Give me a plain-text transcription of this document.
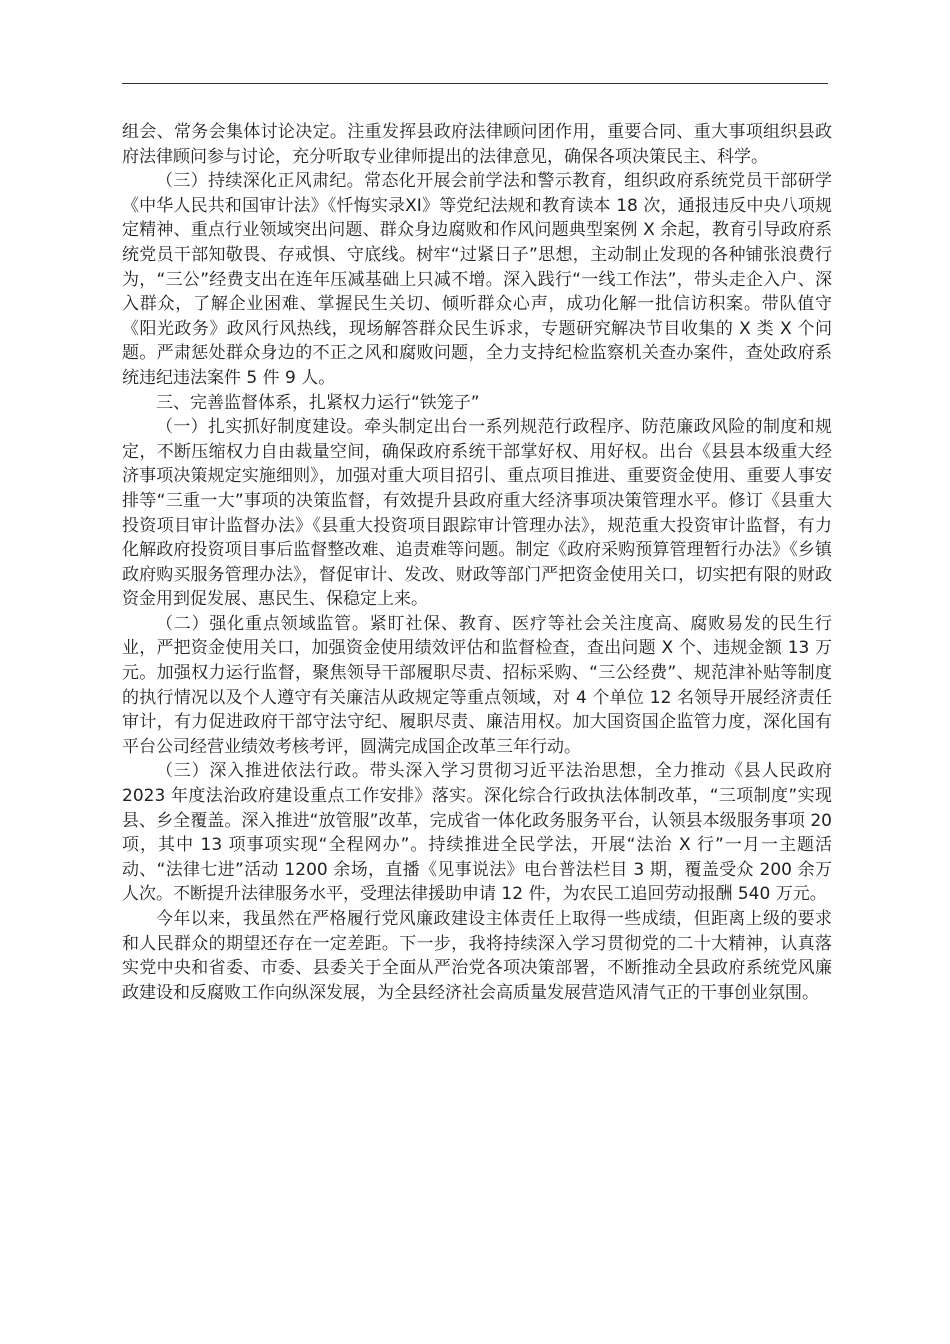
组会、常务会集体讨论决定。注重发挥县政府法律顾问团作用，重要合同、重大事项组织县政府法律顾问参与讨论，充分听取专业律师提出的法律意见，确保各项决策民主、科学。

（三）持续深化正风肃纪。常态化开展会前学法和警示教育，组织政府系统党员干部研学《中华人民共和国审计法》《忏悔实录XI》等党纪法规和教育读本 18 次，通报违反中央八项规定精神、重点行业领域突出问题、群众身边腐败和作风问题典型案例 X 余起，教育引导政府系统党员干部知敬畏、存戒惧、守底线。树牢“过紧日子”思想，主动制止发现的各种铺张浪费行为，“三公”经费支出在连年压减基础上只减不增。深入践行“一线工作法”，带头走企入户、深入群众，了解企业困难、掌握民生关切、倾听群众心声，成功化解一批信访积案。带队值守《阳光政务》政风行风热线，现场解答群众民生诉求，专题研究解决节目收集的 X 类 X 个问题。严肃惩处群众身边的不正之风和腐败问题，全力支持纪检监察机关查办案件，查处政府系统违纪违法案件 5 件 9 人。

三、完善监督体系，扎紧权力运行“铁笼子”

（一）扎实抓好制度建设。牵头制定出台一系列规范行政程序、防范廉政风险的制度和规定，不断压缩权力自由裁量空间，确保政府系统干部掌好权、用好权。出台《县县本级重大经济事项决策规定实施细则》，加强对重大项目招引、重点项目推进、重要资金使用、重要人事安排等“三重一大”事项的决策监督，有效提升县政府重大经济事项决策管理水平。修订《县重大投资项目审计监督办法》《县重大投资项目跟踪审计管理办法》，规范重大投资审计监督，有力化解政府投资项目事后监督整改难、追责难等问题。制定《政府采购预算管理暂行办法》《乡镇政府购买服务管理办法》，督促审计、发改、财政等部门严把资金使用关口，切实把有限的财政资金用到促发展、惠民生、保稳定上来。

（二）强化重点领域监管。紧盯社保、教育、医疗等社会关注度高、腐败易发的民生行业，严把资金使用关口，加强资金使用绩效评估和监督检查，查出问题 X 个、违规金额 13 万元。加强权力运行监督，聚焦领导干部履职尽责、招标采购、“三公经费”、规范津补贴等制度的执行情况以及个人遵守有关廉洁从政规定等重点领域，对 4 个单位 12 名领导开展经济责任审计，有力促进政府干部守法守纪、履职尽责、廉洁用权。加大国资国企监管力度，深化国有平台公司经营业绩效考核考评，圆满完成国企改革三年行动。

（三）深入推进依法行政。带头深入学习贯彻习近平法治思想，全力推动《县人民政府 2023 年度法治政府建设重点工作安排》落实。深化综合行政执法体制改革，“三项制度”实现县、乡全覆盖。深入推进“放管服”改革，完成省一体化政务服务平台，认领县本级服务事项 20 项，其中 13 项事项实现“全程网办”。持续推进全民学法，开展“法治 X 行”一月一主题活动、“法律七进”活动 1200 余场，直播《见事说法》电台普法栏目 3 期，覆盖受众 200 余万人次。不断提升法律服务水平，受理法律援助申请 12 件，为农民工追回劳动报酬 540 万元。

今年以来，我虽然在严格履行党风廉政建设主体责任上取得一些成绩，但距离上级的要求和人民群众的期望还存在一定差距。下一步，我将持续深入学习贯彻党的二十大精神，认真落实党中央和省委、市委、县委关于全面从严治党各项决策部署，不断推动全县政府系统党风廉政建设和反腐败工作向纵深发展，为全县经济社会高质量发展营造风清气正的干事创业氛围。
